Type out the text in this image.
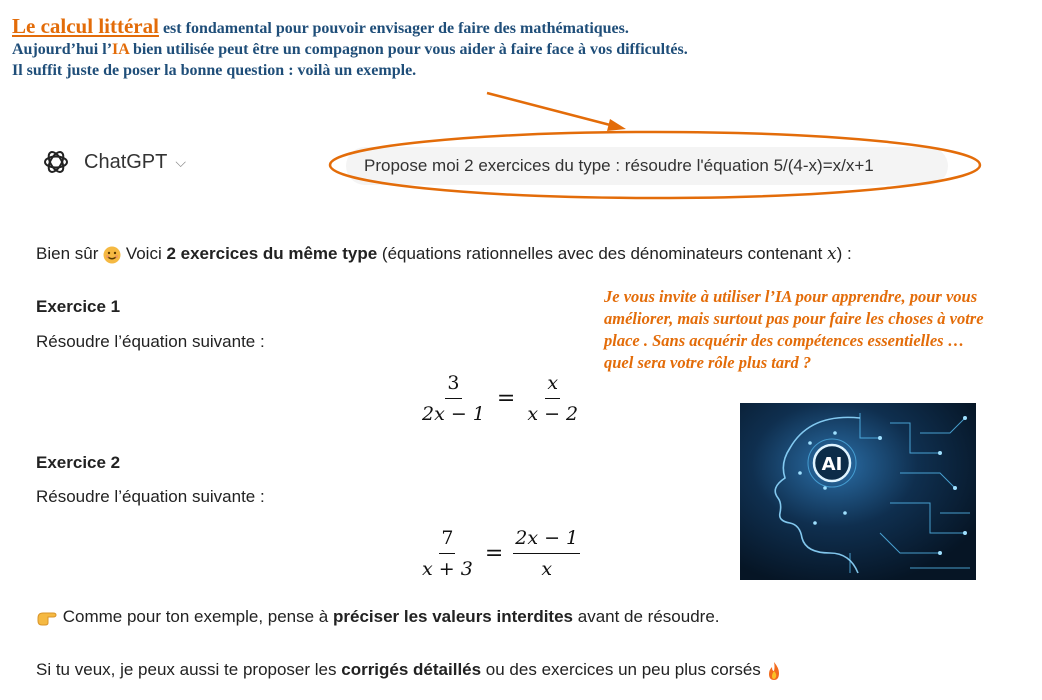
Le calcul littéral est fondamental pour pouvoir envisager de faire des mathématiques.
Aujourd’hui l’IA bien utilisée peut être un compagnon pour vous aider à faire face à vos difficultés.
Il suffit juste de poser la bonne question : voilà un exemple.
ChatGPT ⌵	Propose moi 2 exercices du type : résoudre l'équation 5/(4-x)=x/x+1
Bien sûr  Voici 2 exercices du même type (équations rationnelles avec des dénominateurs contenant x) :
Exercice 1
Résoudre l’équation suivante :
$\frac{3}{2x - 1} = \frac{x}{x - 2}$
Exercice 2
Résoudre l’équation suivante :
$\frac{7}{x + 3} = \frac{2x - 1}{x}$
Comme pour ton exemple, pense à préciser les valeurs interdites avant de résoudre.
Si tu veux, je peux aussi te proposer les corrigés détaillés ou des exercices un peu plus corsés
Je vous invite à utiliser l’IA pour apprendre, pour vous améliorer, mais surtout pas pour faire les choses à votre place . Sans acquérir des compétences essentielles … quel sera votre rôle plus tard ?
AI
